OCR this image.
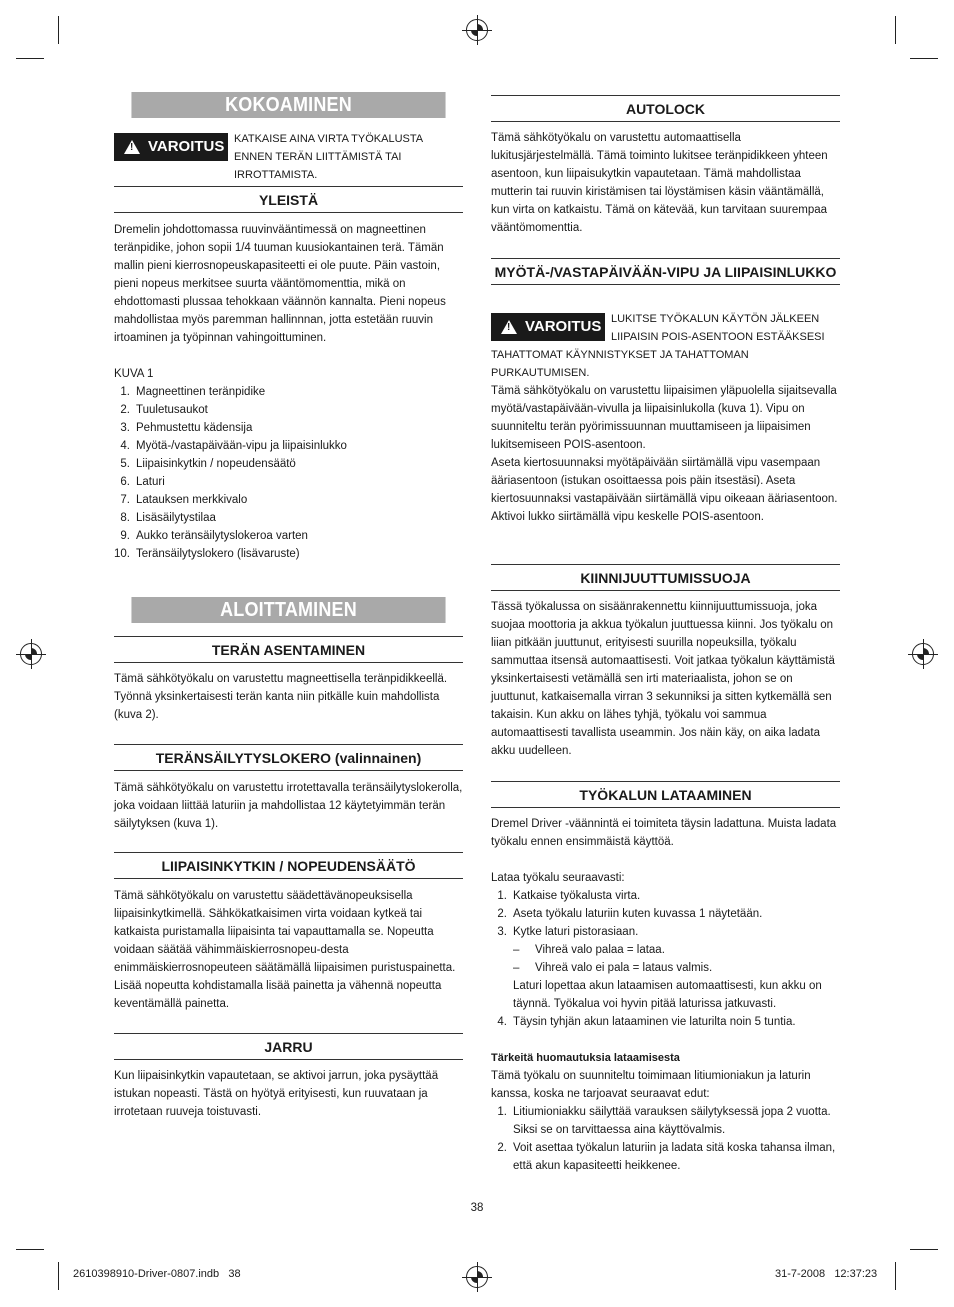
KOKOAMINEN
! VAROITUS KATKAISE AINA VIRTA TYÖKALUSTA ENNEN TERÄN LIITTÄMISTÄ TAI IRROTTAMISTA.
YLEISTÄ
Dremelin johdottomassa ruuvinvääntimessä on magneettinen teränpidike, johon sopii 1/4 tuuman kuusiokantainen terä. Tämän mallin pieni kierrosnopeuskapasiteetti ei ole puute. Päin vastoin, pieni nopeus merkitsee suurta vääntömomenttia, mikä on ehdottomasti plussaa tehokkaan väännön kannalta. Pieni nopeus mahdollistaa myös paremman hallinnnan, jotta estetään ruuvin irtoaminen ja työpinnan vahingoittuminen.
KUVA 1
1. Magneettinen teränpidike
2. Tuuletusaukot
3. Pehmustettu kädensija
4. Myötä-/vastapäivään-vipu ja liipaisinlukko
5. Liipaisinkytkin / nopeudensäätö
6. Laturi
7. Latauksen merkkivalo
8. Lisäsäilytystilaa
9. Aukko teränsäilytyslokeroa varten
10. Teränsäilytyslokero (lisävaruste)
ALOITTAMINEN
TERÄN ASENTAMINEN
Tämä sähkötyökalu on varustettu magneettisella teränpidikkeellä. Työnnä yksinkertaisesti terän kanta niin pitkälle kuin mahdollista (kuva 2).
TERÄNSÄILYTYSLOKERO (valinnainen)
Tämä sähkötyökalu on varustettu irrotettavalla teränsäilytyslokerolla, joka voidaan liittää laturiin ja mahdollistaa 12 käytetyimmän terän säilytyksen (kuva 1).
LIIPAISINKYTKIN / NOPEUDENSÄÄTÖ
Tämä sähkötyökalu on varustettu säädettävänopeuksisella liipaisinkytkimellä. Sähkökatkaisimen virta voidaan kytkeä tai katkaista puristamalla liipaisinta tai vapauttamalla se. Nopeutta voidaan säätää vähimmäiskierrosnopeu-desta enimmäiskierrosnopeuteen säätämällä liipaisimen puristuspainetta. Lisää nopeutta kohdistamalla lisää painetta ja vähennä nopeutta keventämällä painetta.
JARRU
Kun liipaisinkytkin vapautetaan, se aktivoi jarrun, joka pysäyttää istukan nopeasti. Tästä on hyötyä erityisesti, kun ruuvataan ja irrotetaan ruuveja toistuvasti.
AUTOLOCK
Tämä sähkötyökalu on varustettu automaattisella lukitusjärjestelmällä. Tämä toiminto lukitsee teränpidikkeen yhteen asentoon, kun liipaisukytkin vapautetaan. Tämä mahdollistaa mutterin tai ruuvin kiristämisen tai löystämisen käsin vääntämällä, kun virta on katkaistu. Tämä on kätevää, kun tarvitaan suurempaa vääntömomenttia.
MYÖTÄ-/VASTAPÄIVÄÄN-VIPU JA LIIPAISINLUKKO
! VAROITUS LUKITSE TYÖKALUN KÄYTÖN JÄLKEEN LIIPAISIN POIS-ASENTOON ESTÄÄKSESI
TAHATTOMAT KÄYNNISTYKSET JA TAHATTOMAN PURKAUTUMISEN.
Tämä sähkötyökalu on varustettu liipaisimen yläpuolella sijaitsevalla myötä/vastapäivään-vivulla ja liipaisinlukolla (kuva 1). Vipu on suunniteltu terän pyörimissuunnan muuttamiseen ja liipaisimen lukitsemiseen POIS-asentoon.
Aseta kiertosuunnaksi myötäpäivään siirtämällä vipu vasempaan ääriasentoon (istukan osoittaessa pois päin itsestäsi). Aseta kiertosuunnaksi vastapäivään siirtämällä vipu oikeaan ääriasentoon. Aktivoi lukko siirtämällä vipu keskelle POIS-asentoon.
KIINNIJUUTTUMISSUOJA
Tässä työkalussa on sisäänrakennettu kiinnijuuttumissuoja, joka suojaa moottoria ja akkua työkalun juuttuessa kiinni. Jos työkalu on liian pitkään juuttunut, erityisesti suurilla nopeuksilla, työkalu sammuttaa itsensä automaattisesti. Voit jatkaa työkalun käyttämistä yksinkertaisesti vetämällä sen irti materiaalista, johon se on juuttunut, katkaisemalla virran 3 sekunniksi ja sitten kytkemällä sen takaisin. Kun akku on lähes tyhjä, työkalu voi sammua automaattisesti tavallista useammin. Jos näin käy, on aika ladata akku uudelleen.
TYÖKALUN LATAAMINEN
Dremel Driver -väännintä ei toimiteta täysin ladattuna. Muista ladata työkalu ennen ensimmäistä käyttöä.
Lataa työkalu seuraavasti:
1. Katkaise työkalusta virta.
2. Aseta työkalu laturiin kuten kuvassa 1 näytetään.
3. Kytke laturi pistorasiaan.
–	Vihreä valo palaa = lataa.
–	Vihreä valo ei pala = lataus valmis.
Laturi lopettaa akun lataamisen automaattisesti, kun akku on täynnä. Työkalua voi hyvin pitää laturissa jatkuvasti.
4. Täysin tyhjän akun lataaminen vie laturilta noin 5 tuntia.
Tärkeitä huomautuksia lataamisesta
Tämä työkalu on suunniteltu toimimaan litiumioniakun ja laturin kanssa, koska ne tarjoavat seuraavat edut:
1. Litiumioniakku säilyttää varauksen säilytyksessä jopa 2 vuotta. Siksi se on tarvittaessa aina käyttövalmis.
2. Voit asettaa työkalun laturiin ja ladata sitä koska tahansa ilman, että akun kapasiteetti heikkenee.
38
2610398910-Driver-0807.indb   38	31-7-2008   12:37:23
